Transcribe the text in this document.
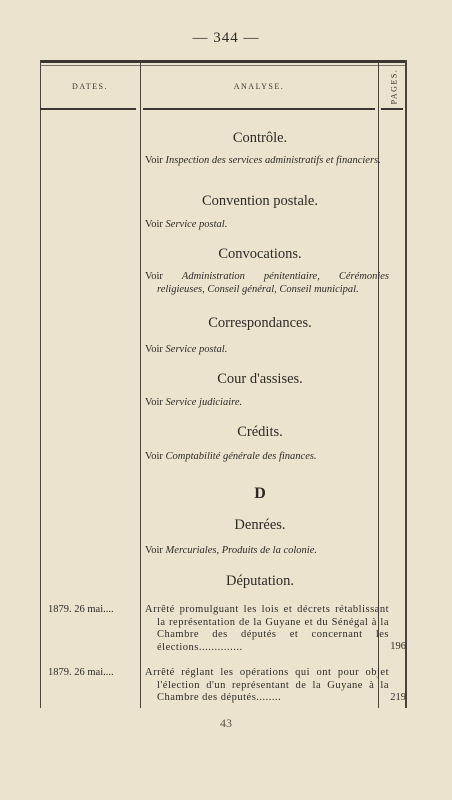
— 344 —
DATES.	ANALYSE.	PAGES.
Contrôle.
Voir Inspection des services administratifs et financiers.
Convention postale.
Voir Service postal.
Convocations.
Voir Administration pénitentiaire, Cérémonies religieuses, Conseil général, Conseil municipal.
Correspondances.
Voir Service postal.
Cour d'assises.
Voir Service judiciaire.
Crédits.
Voir Comptabilité générale des finances.
D
Denrées.
Voir Mercuriales, Produits de la colonie.
Députation.
1879. 26 mai....	Arrêté promulguant les lois et décrets rétablissant la représentation de la Guyane et du Sénégal à la Chambre des députés et concernant les élections..............	196
1879. 26 mai....	Arrêté réglant les opérations qui ont pour objet l'élection d'un représentant de la Guyane à la Chambre des députés........	219
43
